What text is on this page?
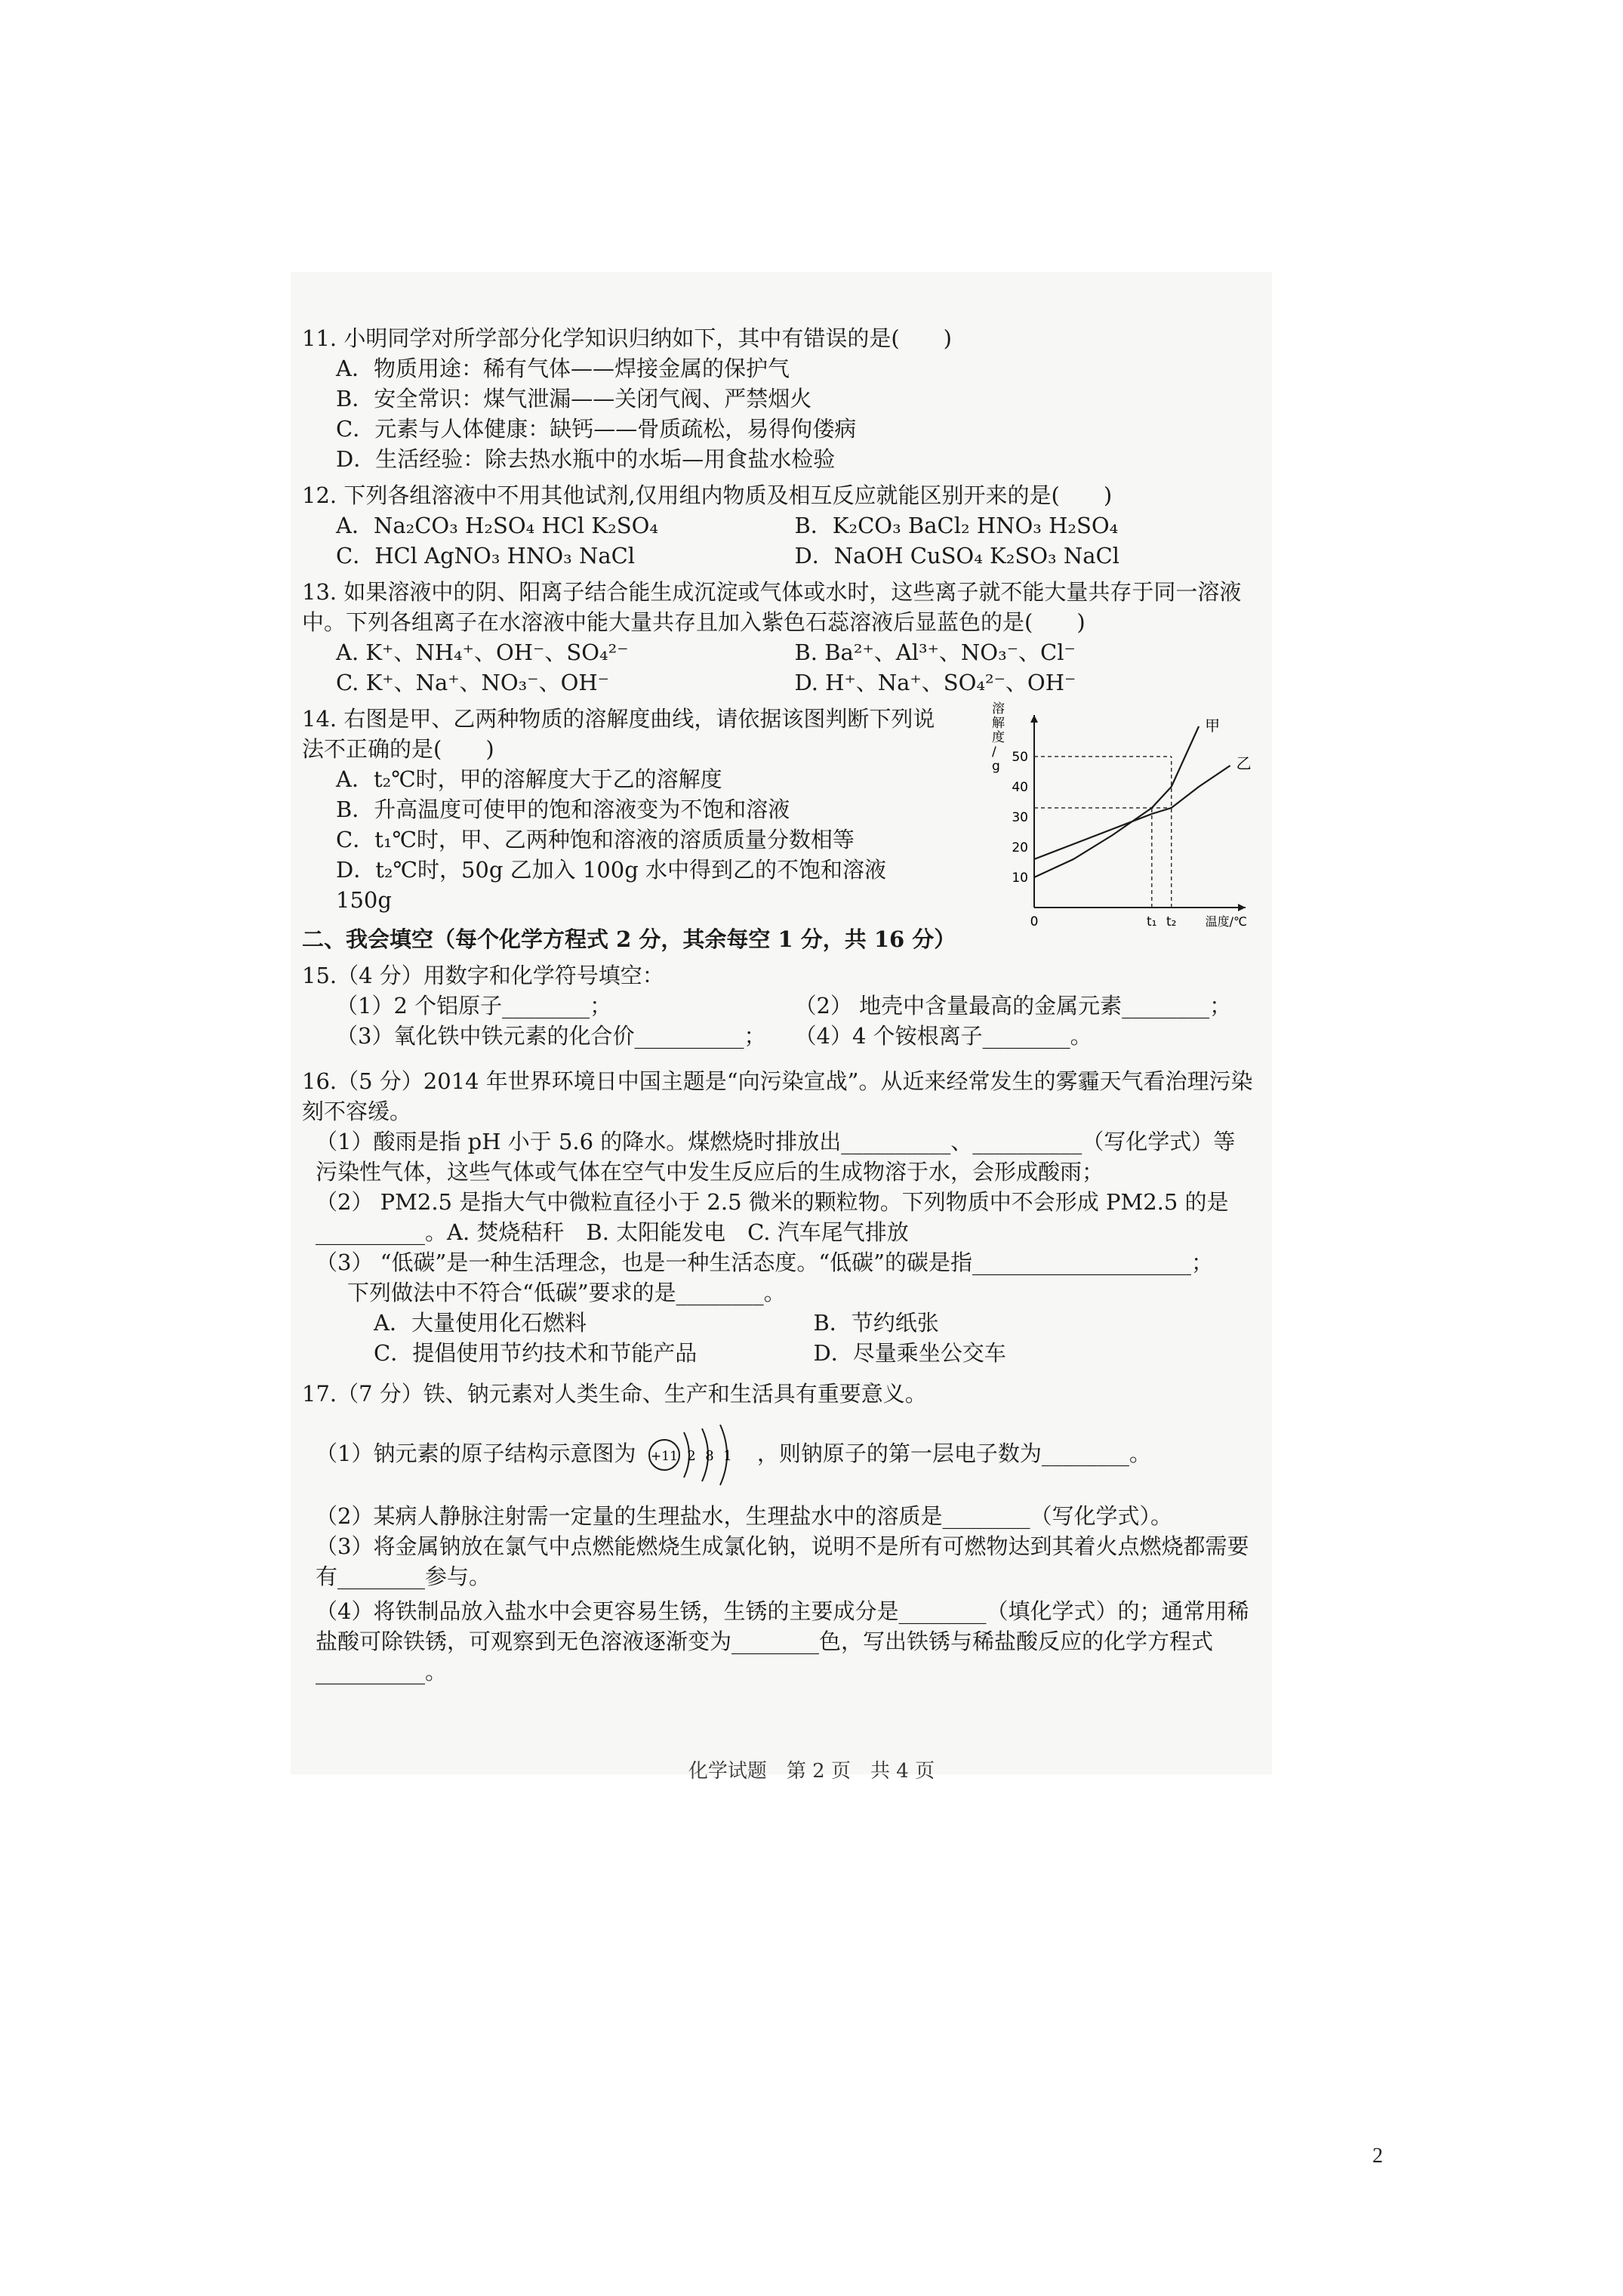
11. 小明同学对所学部分化学知识归纳如下，其中有错误的是(　　)
A．物质用途：稀有气体——焊接金属的保护气
B．安全常识：煤气泄漏——关闭气阀、严禁烟火
C．元素与人体健康：缺钙——骨质疏松，易得佝偻病
D．生活经验：除去热水瓶中的水垢—用食盐水检验
12. 下列各组溶液中不用其他试剂,仅用组内物质及相互反应就能区别开来的是(　　)
A．Na₂CO₃ H₂SO₄ HCl K₂SO₄	B．K₂CO₃ BaCl₂ HNO₃ H₂SO₄
C．HCl AgNO₃ HNO₃ NaCl	D．NaOH CuSO₄ K₂SO₃ NaCl
13. 如果溶液中的阴、阳离子结合能生成沉淀或气体或水时，这些离子就不能大量共存于同一溶液中。下列各组离子在水溶液中能大量共存且加入紫色石蕊溶液后显蓝色的是(　　)
A. K⁺、NH₄⁺、OH⁻、SO₄²⁻	B. Ba²⁺、Al³⁺、NO₃⁻、Cl⁻
C. K⁺、Na⁺、NO₃⁻、OH⁻	D. H⁺、Na⁺、SO₄²⁻、OH⁻
14. 右图是甲、乙两种物质的溶解度曲线，请依据该图判断下列说法不正确的是(　　)
A．t₂℃时，甲的溶解度大于乙的溶解度
B．升高温度可使甲的饱和溶液变为不饱和溶液
C．t₁℃时，甲、乙两种饱和溶液的溶质质量分数相等
D．t₂℃时，50g 乙加入 100g 水中得到乙的不饱和溶液 150g
溶解度/ g
10
20
30
40
50
0	t₁ t₂ 温度/℃
甲
乙
二、我会填空（每个化学方程式 2 分，其余每空 1 分，共 16 分）
15.（4 分）用数字和化学符号填空：
（1）2 个铝原子________；	（2） 地壳中含量最高的金属元素________；
（3）氧化铁中铁元素的化合价__________；	（4）4 个铵根离子________。
16.（5 分）2014 年世界环境日中国主题是“向污染宣战”。从近来经常发生的雾霾天气看治理污染刻不容缓。
（1）酸雨是指 pH 小于 5.6 的降水。煤燃烧时排放出__________、__________（写化学式）等污染性气体，这些气体或气体在空气中发生反应后的生成物溶于水，会形成酸雨；
（2） PM2.5 是指大气中微粒直径小于 2.5 微米的颗粒物。下列物质中不会形成 PM2.5 的是__________。A. 焚烧秸秆　B. 太阳能发电　C. 汽车尾气排放
（3） “低碳”是一种生活理念，也是一种生活态度。“低碳”的碳是指____________________；
下列做法中不符合“低碳”要求的是________。
A．大量使用化石燃料	B．节约纸张
C．提倡使用节约技术和节能产品	D．尽量乘坐公交车
17.（7 分）铁、钠元素对人类生命、生产和生活具有重要意义。
（1）钠元素的原子结构示意图为 +11 2 8 1 ，则钠原子的第一层电子数为________。
（2）某病人静脉注射需一定量的生理盐水，生理盐水中的溶质是________（写化学式）。
（3）将金属钠放在氯气中点燃能燃烧生成氯化钠，说明不是所有可燃物达到其着火点燃烧都需要有________参与。
（4）将铁制品放入盐水中会更容易生锈，生锈的主要成分是________（填化学式）的；通常用稀盐酸可除铁锈，可观察到无色溶液逐渐变为________色，写出铁锈与稀盐酸反应的化学方程式__________。
化学试题　第 2 页　共 4 页
2
